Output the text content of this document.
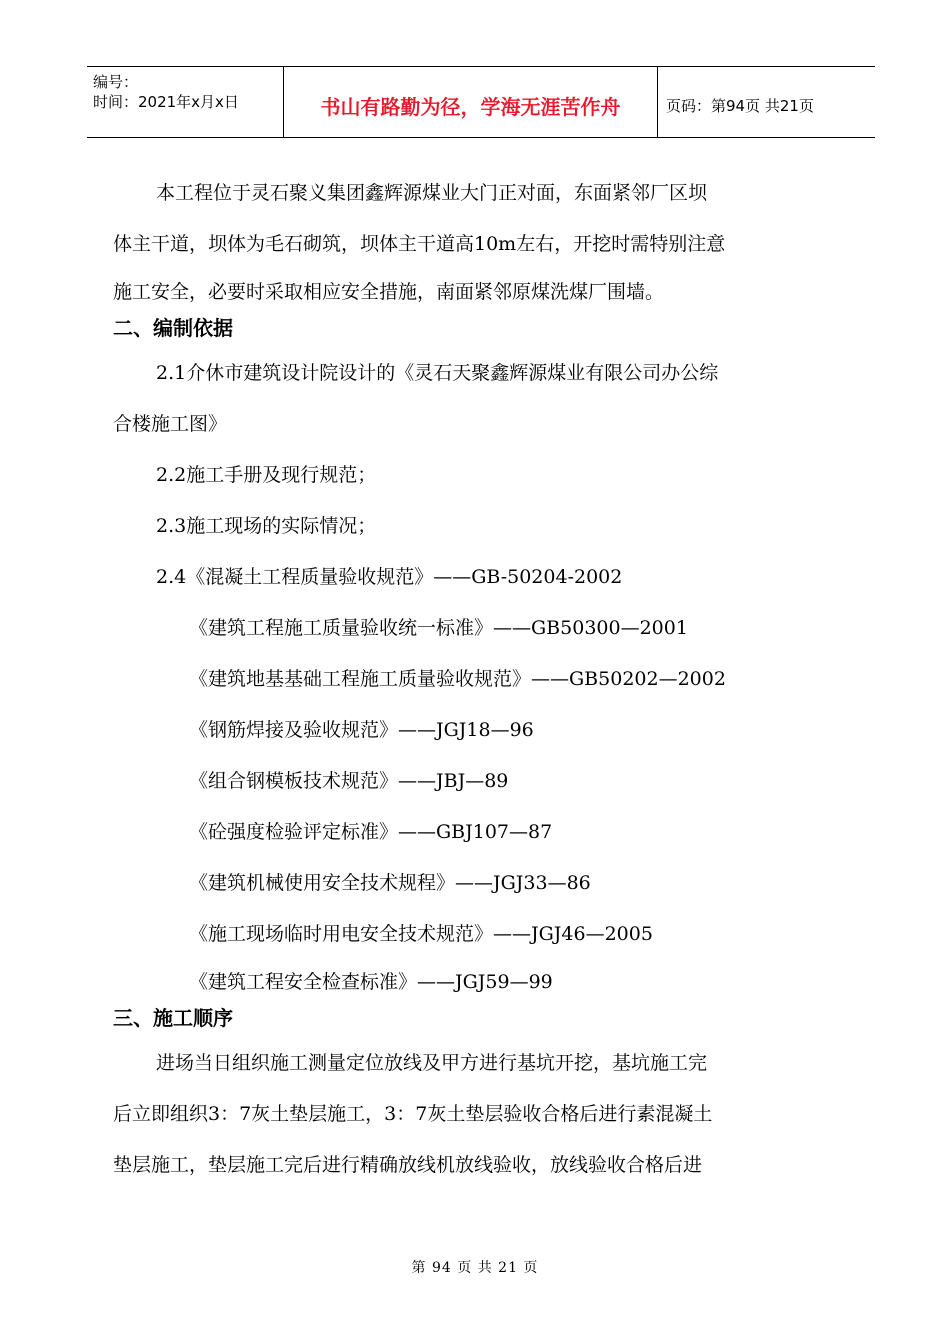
编号：
时间：2021年x月x日	书山有路勤为径，学海无涯苦作舟	页码：第94页 共21页

本工程位于灵石聚义集团鑫辉源煤业大门正对面，东面紧邻厂区坝

体主干道，坝体为毛石砌筑，坝体主干道高10m左右，开挖时需特别注意

施工安全，必要时采取相应安全措施，南面紧邻原煤洗煤厂围墙。

二、编制依据

2.1介休市建筑设计院设计的《灵石天聚鑫辉源煤业有限公司办公综

合楼施工图》

2.2施工手册及现行规范；

2.3施工现场的实际情况；

2.4《混凝土工程质量验收规范》——GB-50204-2002

《建筑工程施工质量验收统一标准》——GB50300—2001

《建筑地基基础工程施工质量验收规范》——GB50202—2002

《钢筋焊接及验收规范》——JGJ18—96

《组合钢模板技术规范》——JBJ—89

《砼强度检验评定标准》——GBJ107—87

《建筑机械使用安全技术规程》——JGJ33—86

《施工现场临时用电安全技术规范》——JGJ46—2005

《建筑工程安全检查标准》——JGJ59—99

三、施工顺序

进场当日组织施工测量定位放线及甲方进行基坑开挖，基坑施工完

后立即组织3：7灰土垫层施工，3：7灰土垫层验收合格后进行素混凝土

垫层施工，垫层施工完后进行精确放线机放线验收，放线验收合格后进

第 94 页 共 21 页
